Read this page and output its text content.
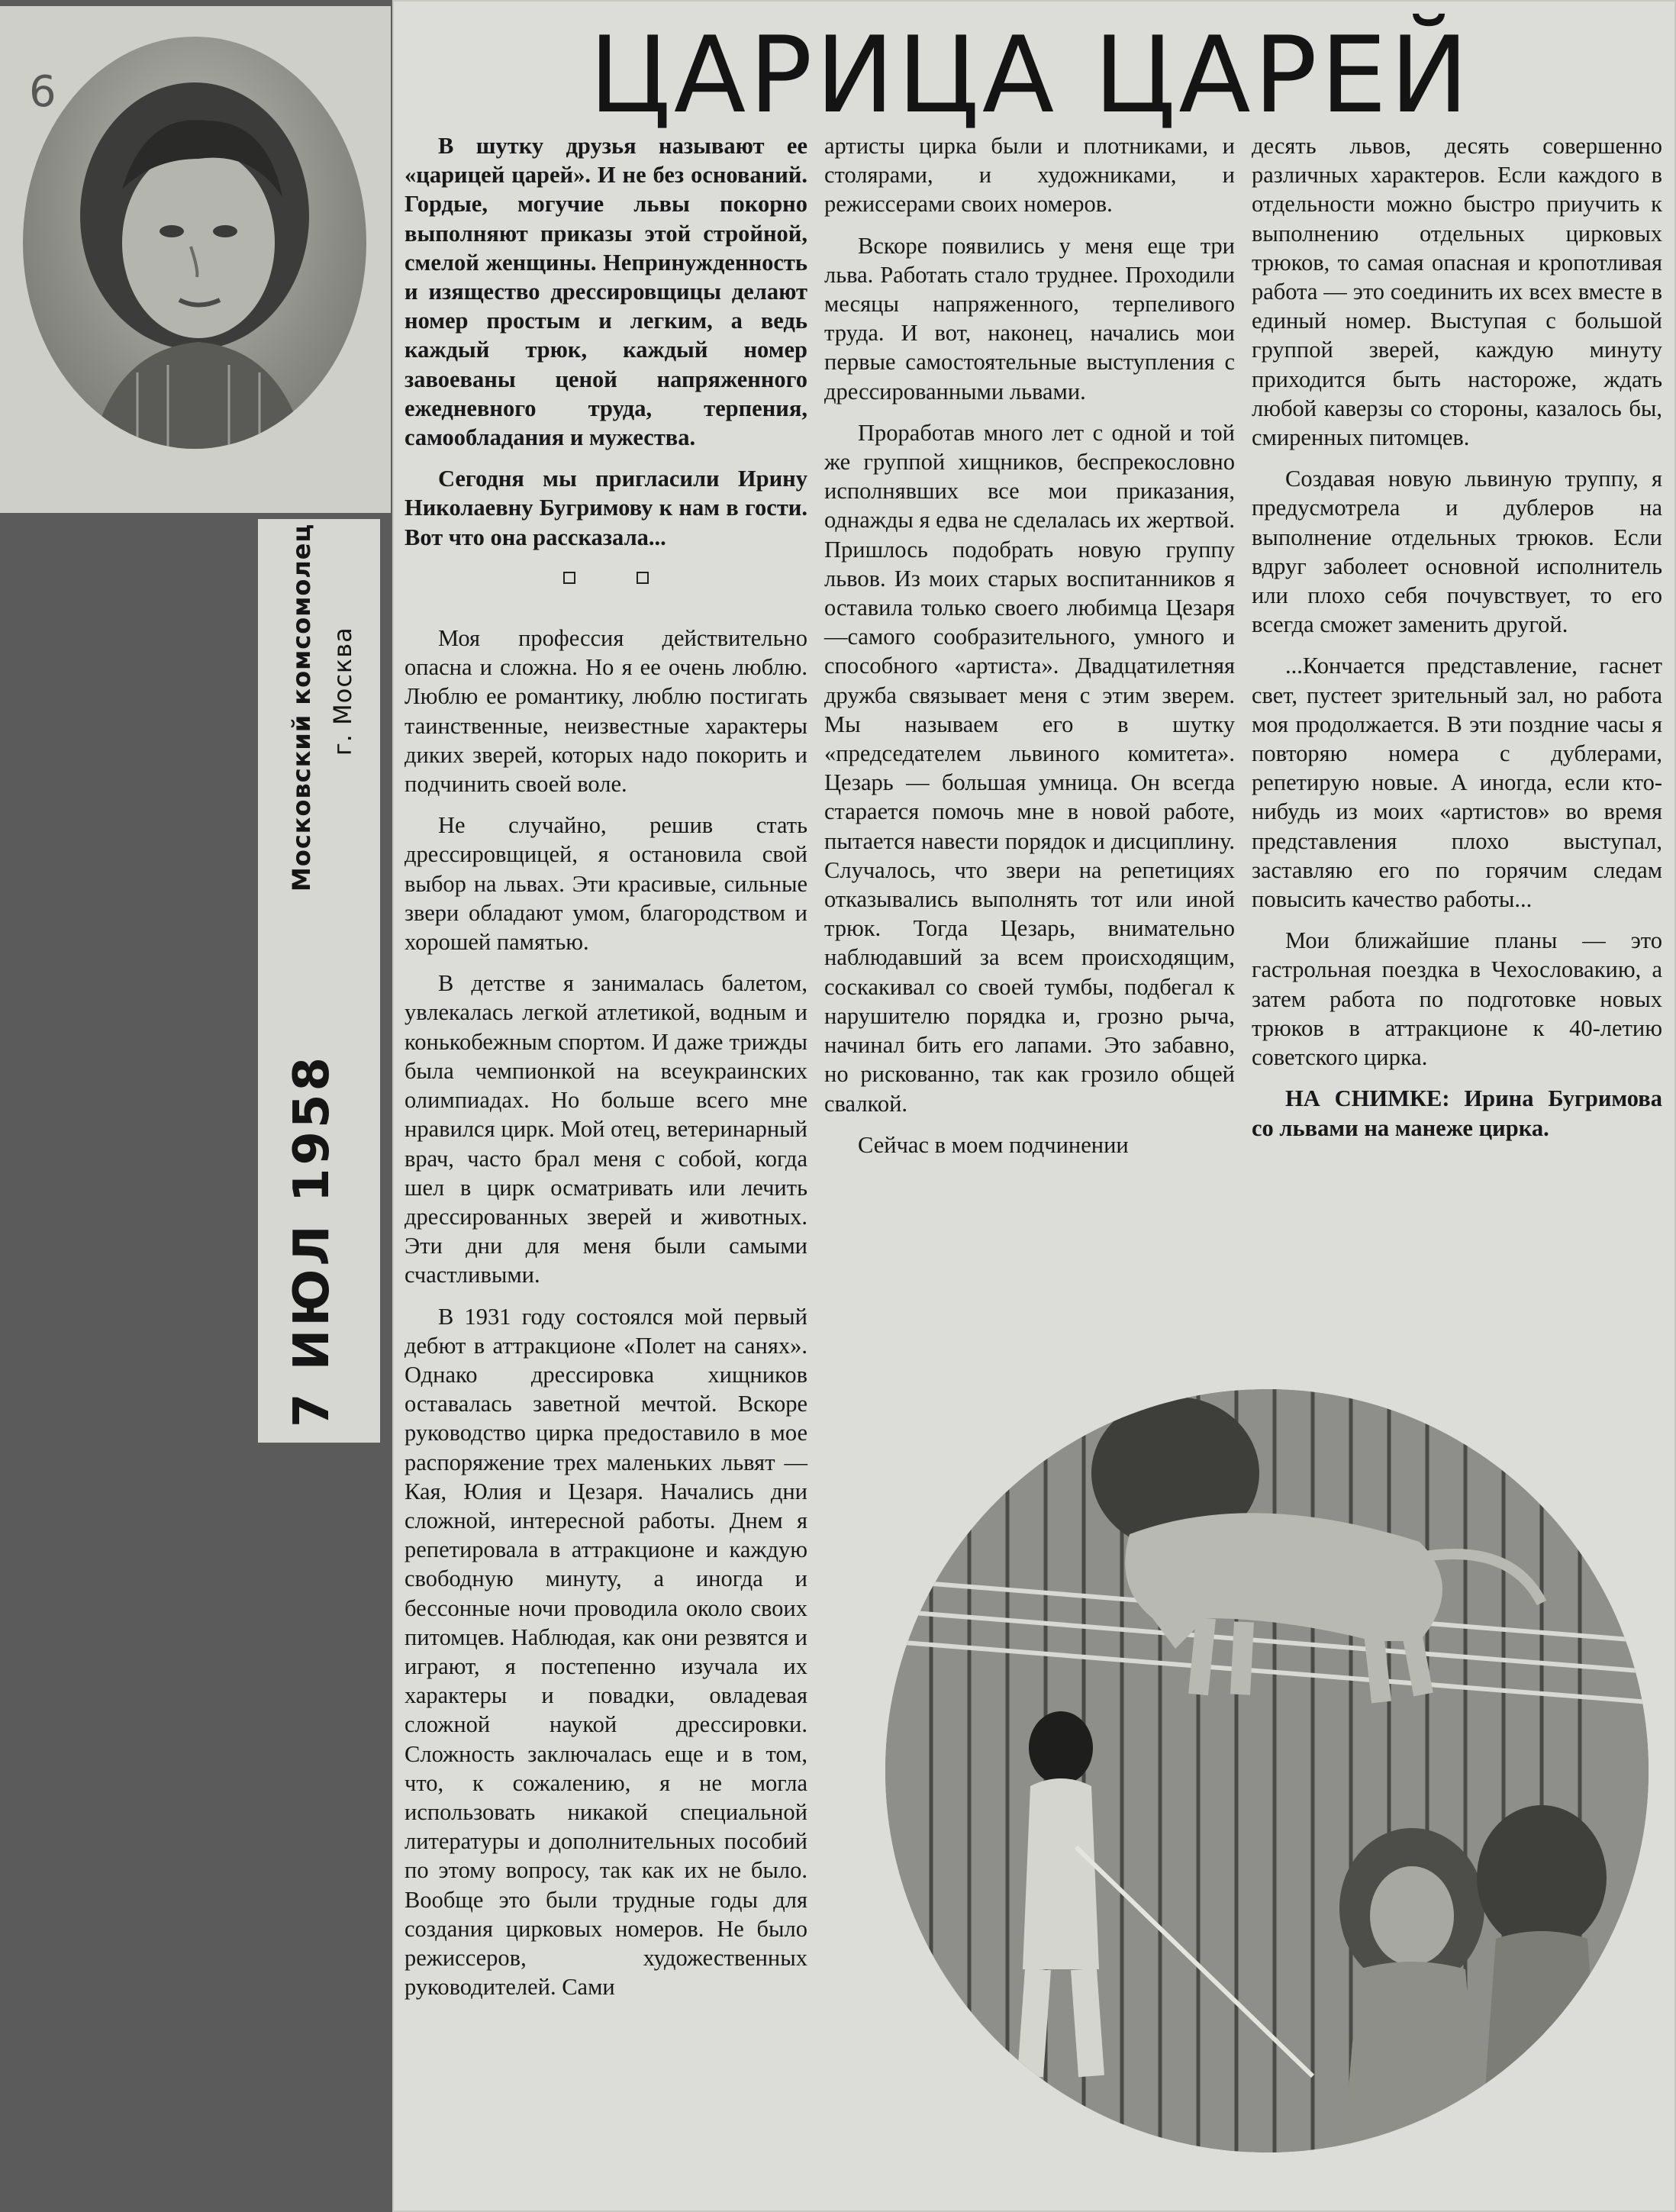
6
Московский комсомолец г. Москва
7 ИЮЛ 1958
ЦАРИЦА ЦАРЕЙ

В шутку друзья называют ее «царицей царей». И не без оснований. Гордые, могучие львы покорно выполняют приказы этой стройной, смелой женщины. Непринужденность и изящество дрессировщицы делают номер простым и легким, а ведь каждый трюк, каждый номер завоеваны ценой напряженного ежедневного труда, терпения, самообладания и мужества.

Сегодня мы пригласили Ирину Николаевну Бугримову к нам в гости. Вот что она рассказала...

Моя профессия действительно опасна и сложна. Но я ее очень люблю. Люблю ее романтику, люблю постигать таинственные, неизвестные характеры диких зверей, которых надо покорить и подчинить своей воле.

Не случайно, решив стать дрессировщицей, я остановила свой выбор на львах. Эти красивые, сильные звери обладают умом, благородством и хорошей памятью.

В детстве я занималась балетом, увлекалась легкой атлетикой, водным и конькобежным спортом. И даже трижды была чемпионкой на всеукраинских олимпиадах. Но больше всего мне нравился цирк. Мой отец, ветеринарный врач, часто брал меня с собой, когда шел в цирк осматривать или лечить дрессированных зверей и животных. Эти дни для меня были самыми счастливыми.

В 1931 году состоялся мой первый дебют в аттракционе «Полет на санях». Однако дрессировка хищников оставалась заветной мечтой. Вскоре руководство цирка предоставило в мое распоряжение трех маленьких львят — Кая, Юлия и Цезаря. Начались дни сложной, интересной работы. Днем я репетировала в аттракционе и каждую свободную минуту, а иногда и бессонные ночи проводила около своих питомцев. Наблюдая, как они резвятся и играют, я постепенно изучала их характеры и повадки, овладевая сложной наукой дрессировки. Сложность заключалась еще и в том, что, к сожалению, я не могла использовать никакой специальной литературы и дополнительных пособий по этому вопросу, так как их не было. Вообще это были трудные годы для создания цирковых номеров. Не было режиссеров, художественных руководителей. Сами

артисты цирка были и плотниками, и столярами, и художниками, и режиссерами своих номеров.

Вскоре появились у меня еще три льва. Работать стало труднее. Проходили месяцы напряженного, терпеливого труда. И вот, наконец, начались мои первые самостоятельные выступления с дрессированными львами.

Проработав много лет с одной и той же группой хищников, беспрекословно исполнявших все мои приказания, однажды я едва не сделалась их жертвой. Пришлось подобрать новую группу львов. Из моих старых воспитанников я оставила только своего любимца Цезаря—самого сообразительного, умного и способного «артиста». Двадцатилетняя дружба связывает меня с этим зверем. Мы называем его в шутку «председателем львиного комитета». Цезарь — большая умница. Он всегда старается помочь мне в новой работе, пытается навести порядок и дисциплину. Случалось, что звери на репетициях отказывались выполнять тот или иной трюк. Тогда Цезарь, внимательно наблюдавший за всем происходящим, соскакивал со своей тумбы, подбегал к нарушителю порядка и, грозно рыча, начинал бить его лапами. Это забавно, но рискованно, так как грозило общей свалкой.

Сейчас в моем подчинении

десять львов, десять совершенно различных характеров. Если каждого в отдельности можно быстро приучить к выполнению отдельных цирковых трюков, то самая опасная и кропотливая работа — это соединить их всех вместе в единый номер. Выступая с большой группой зверей, каждую минуту приходится быть настороже, ждать любой каверзы со стороны, казалось бы, смиренных питомцев.

Создавая новую львиную труппу, я предусмотрела и дублеров на выполнение отдельных трюков. Если вдруг заболеет основной исполнитель или плохо себя почувствует, то его всегда сможет заменить другой.

...Кончается представление, гаснет свет, пустеет зрительный зал, но работа моя продолжается. В эти поздние часы я повторяю номера с дублерами, репетирую новые. А иногда, если кто-нибудь из моих «артистов» во время представления плохо выступал, заставляю его по горячим следам повысить качество работы...

Мои ближайшие планы — это гастрольная поездка в Чехословакию, а затем работа по подготовке новых трюков в аттракционе к 40-летию советского цирка.

НА СНИМКЕ: Ирина Бугримова со львами на манеже цирка.
